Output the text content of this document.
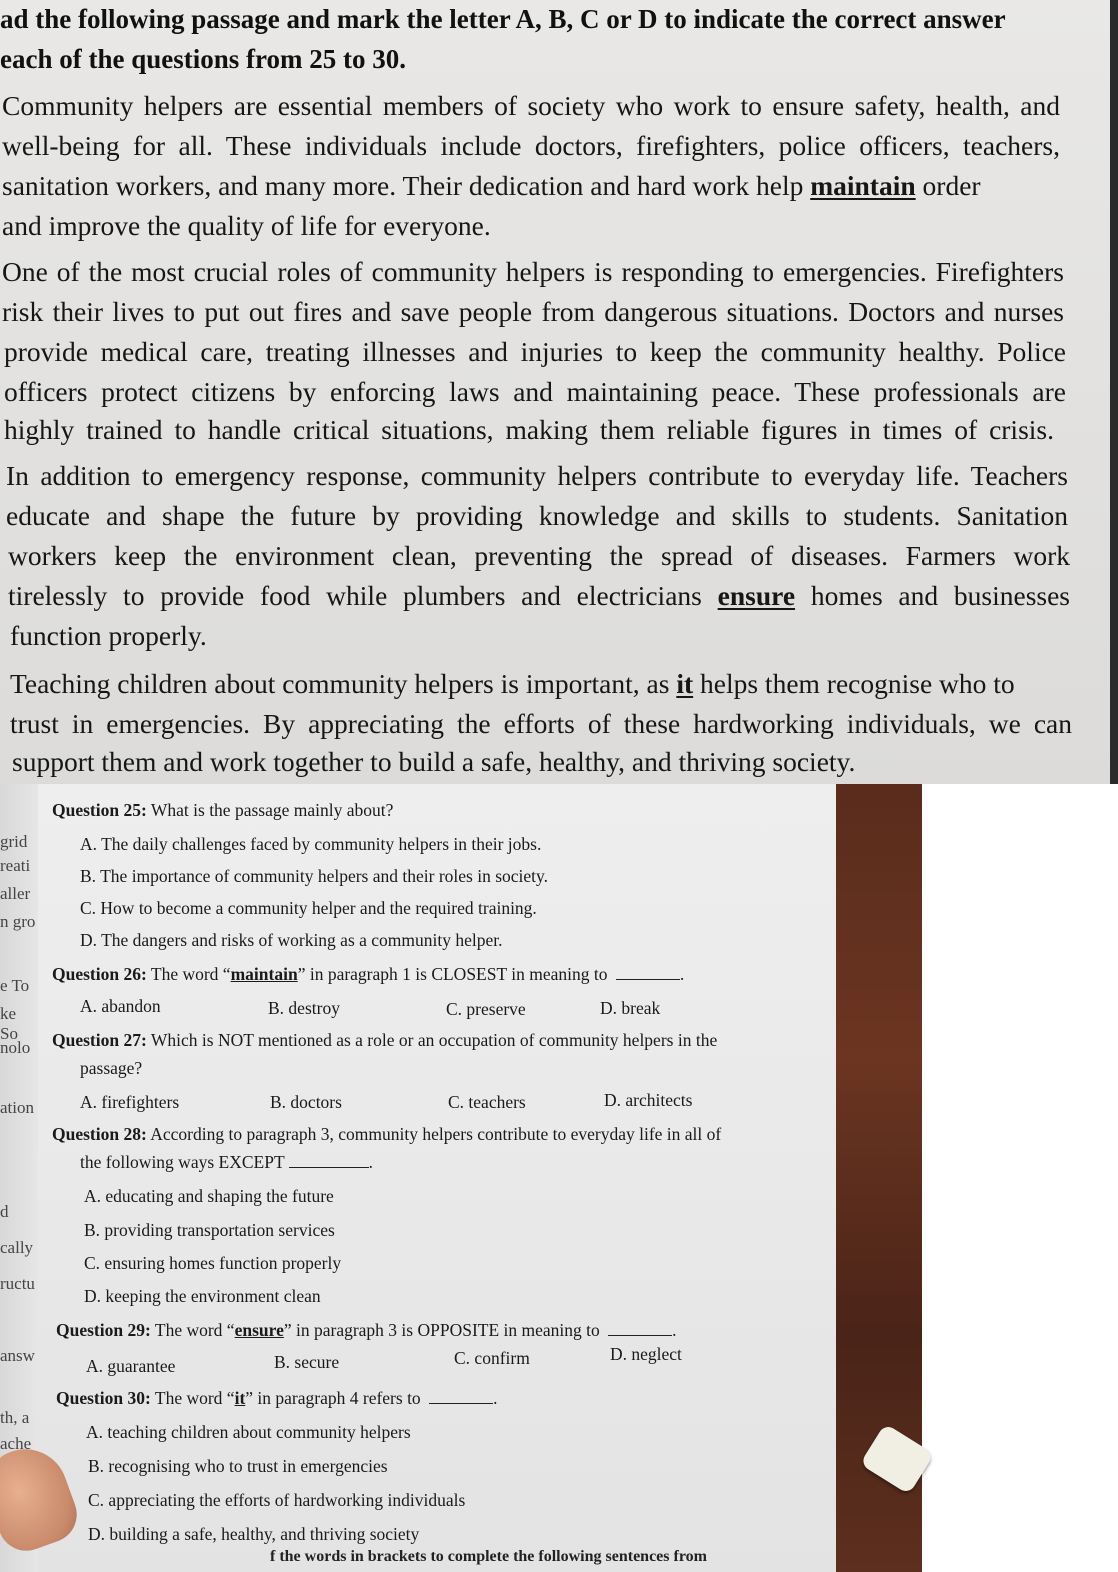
ad the following passage and mark the letter A, B, C or D to indicate the correct answer
each of the questions from 25 to 30.
Community helpers are essential members of society who work to ensure safety, health, and
well-being for all. These individuals include doctors, firefighters, police officers, teachers,
sanitation workers, and many more. Their dedication and hard work help maintain order
and improve the quality of life for everyone.
One of the most crucial roles of community helpers is responding to emergencies. Firefighters
risk their lives to put out fires and save people from dangerous situations. Doctors and nurses
provide medical care, treating illnesses and injuries to keep the community healthy. Police
officers protect citizens by enforcing laws and maintaining peace. These professionals are
highly trained to handle critical situations, making them reliable figures in times of crisis.
In addition to emergency response, community helpers contribute to everyday life. Teachers
educate and shape the future by providing knowledge and skills to students. Sanitation
workers keep the environment clean, preventing the spread of diseases. Farmers work
tirelessly to provide food while plumbers and electricians ensure homes and businesses
function properly.
Teaching children about community helpers is important, as it helps them recognise who to
trust in emergencies. By appreciating the efforts of these hardworking individuals, we can
support them and work together to build a safe, healthy, and thriving society.
grid
reati
aller
n gro
e To
ke So
nolo
ation
d
cally
ructu
answ
th, a
ache
Question 25: What is the passage mainly about?
A. The daily challenges faced by community helpers in their jobs.
B. The importance of community helpers and their roles in society.
C. How to become a community helper and the required training.
D. The dangers and risks of working as a community helper.
Question 26: The word “maintain” in paragraph 1 is CLOSEST in meaning to	.
A. abandon	B. destroy	C. preserve	D. break
Question 27: Which is NOT mentioned as a role or an occupation of community helpers in the
passage?
A. firefighters	B. doctors	C. teachers	D. architects
Question 28: According to paragraph 3, community helpers contribute to everyday life in all of
the following ways EXCEPT	.
A. educating and shaping the future
B. providing transportation services
C. ensuring homes function properly
D. keeping the environment clean
Question 29: The word “ensure” in paragraph 3 is OPPOSITE in meaning to	.
A. guarantee	B. secure	C. confirm	D. neglect
Question 30: The word “it” in paragraph 4 refers to	.
A. teaching children about community helpers
B. recognising who to trust in emergencies
C. appreciating the efforts of hardworking individuals
D. building a safe, healthy, and thriving society
f the words in brackets to complete the following sentences from
